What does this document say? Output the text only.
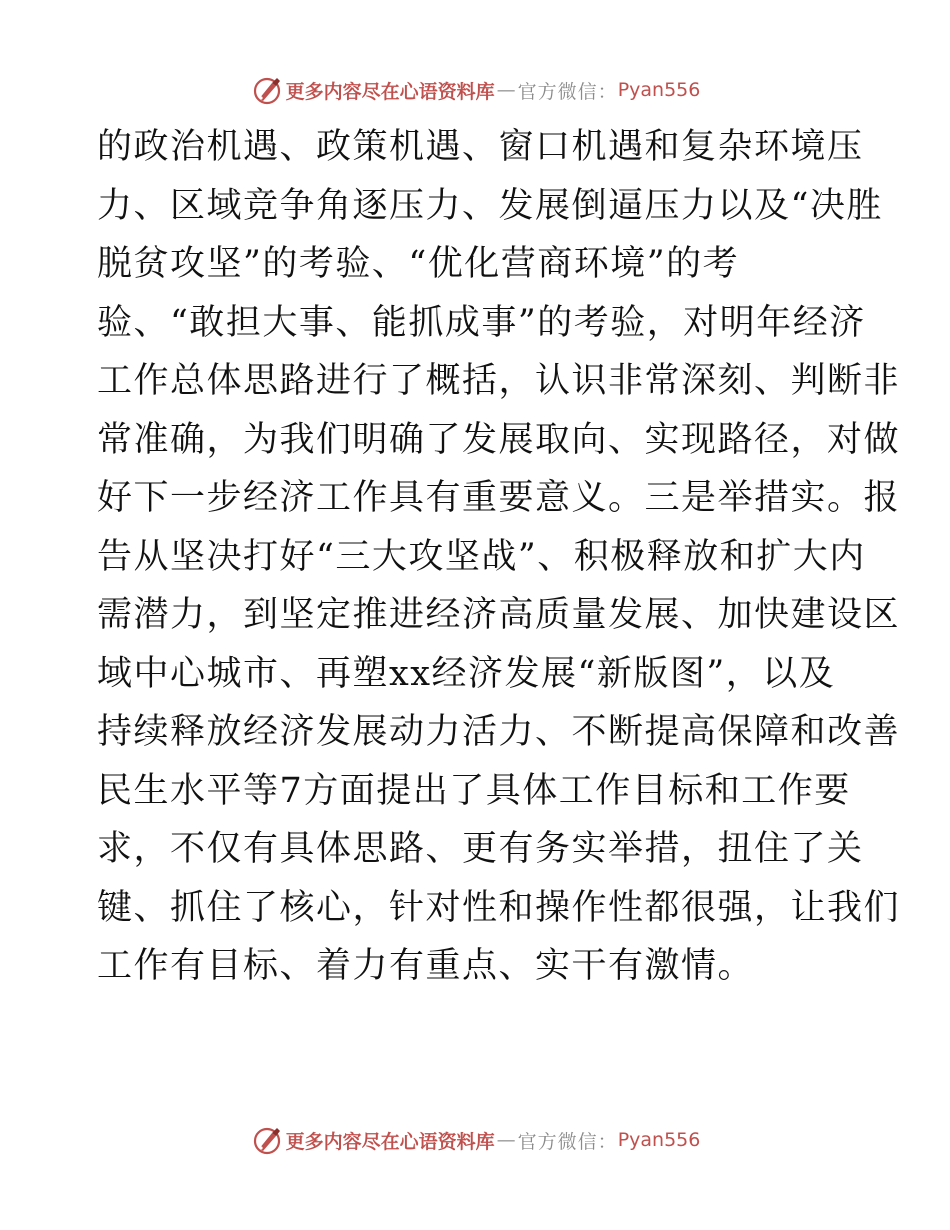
更多内容尽在心语资料库 — 官方微信： Pyan556
的政治机遇、政策机遇、窗口机遇和复杂环境压
力、区域竞争角逐压力、发展倒逼压力以及“决胜
脱贫攻坚”的考验、“优化营商环境”的考
验、“敢担大事、能抓成事”的考验，对明年经济
工作总体思路进行了概括，认识非常深刻、判断非
常准确，为我们明确了发展取向、实现路径，对做
好下一步经济工作具有重要意义。三是举措实。报
告从坚决打好“三大攻坚战”、积极释放和扩大内
需潜力，到坚定推进经济高质量发展、加快建设区
域中心城市、再塑xx经济发展“新版图”，以及
持续释放经济发展动力活力、不断提高保障和改善
民生水平等7方面提出了具体工作目标和工作要
求，不仅有具体思路、更有务实举措，扭住了关
键、抓住了核心，针对性和操作性都很强，让我们
工作有目标、着力有重点、实干有激情。
更多内容尽在心语资料库 — 官方微信： Pyan556
